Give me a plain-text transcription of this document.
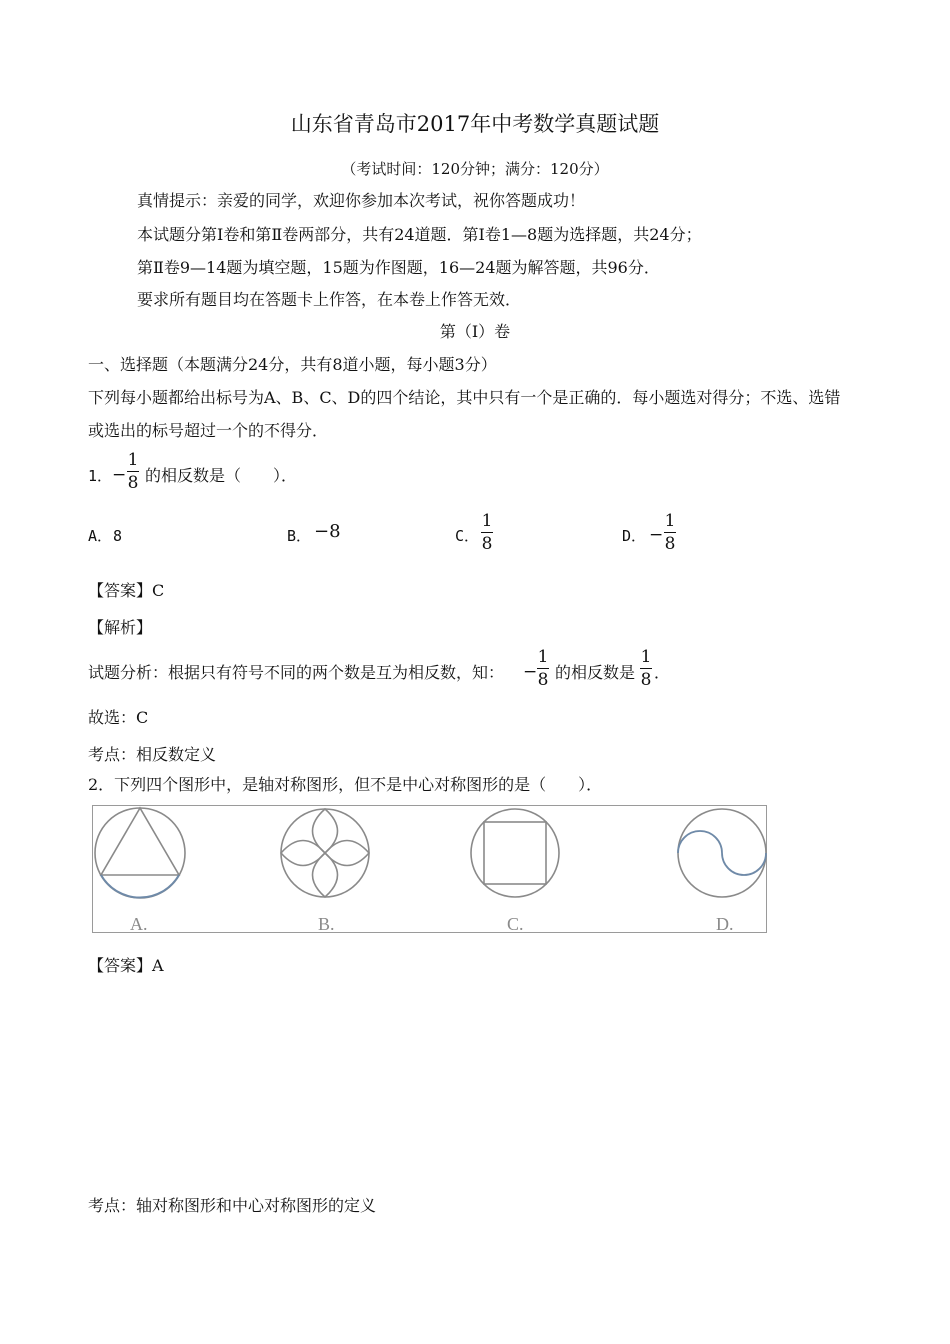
山东省青岛市2017年中考数学真题试题
（考试时间：120分钟；满分：120分）
真情提示：亲爱的同学，欢迎你参加本次考试，祝你答题成功！
本试题分第Ⅰ卷和第Ⅱ卷两部分，共有24道题．第Ⅰ卷1—8题为选择题，共24分；
第Ⅱ卷9—14题为填空题，15题为作图题，16—24题为解答题，共96分．
要求所有题目均在答题卡上作答，在本卷上作答无效．
第（Ⅰ）卷
一、选择题（本题满分24分，共有8道小题，每小题3分）
下列每小题都给出标号为A、B、C、D的四个结论，其中只有一个是正确的．每小题选对得分；不选、选错
或选出的标号超过一个的不得分．
1． −
1
8 的相反数是（　　）．
A． 8	B． −8	C．
1
8	D． −
1
8
【答案】C
【解析】
试题分析：根据只有符号不同的两个数是互为相反数，知： −
1
8 的相反数是
1
8 ．
故选：C
考点：相反数定义
2．下列四个图形中，是轴对称图形，但不是中心对称图形的是（　　）．
A.	B.	C.	D.
【答案】A
考点：轴对称图形和中心对称图形的定义
